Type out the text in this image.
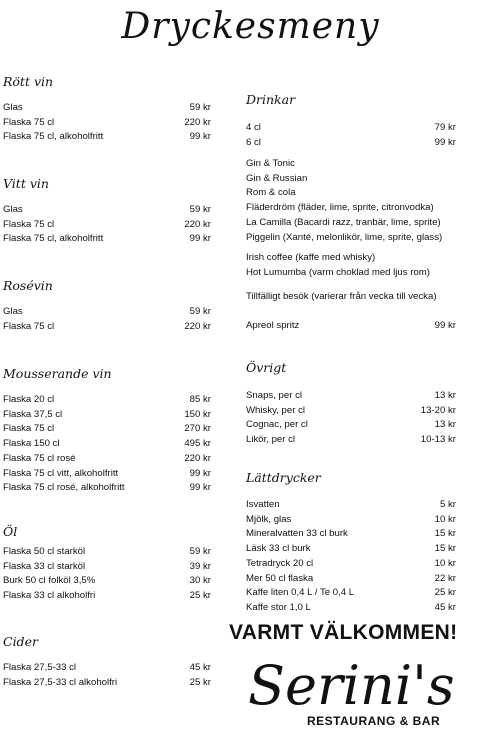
Dryckesmeny
Rött vin
Glas	59 kr
Flaska 75 cl	220 kr
Flaska 75 cl, alkoholfritt	99 kr
Vitt vin
Glas	59 kr
Flaska 75 cl	220 kr
Flaska 75 cl, alkoholfritt	99 kr
Rosévin
Glas	59 kr
Flaska 75 cl	220 kr
Mousserande vin
Flaska 20 cl	85 kr
Flaska 37,5 cl	150 kr
Flaska 75 cl	270 kr
Flaska 150 cl	495 kr
Flaska 75 cl rosé	220 kr
Flaska 75 cl vitt, alkoholfritt	99 kr
Flaska 75 cl rosé, alkoholfritt	99 kr
Öl
Flaska 50 cl starköl	59 kr
Flaska 33 cl starköl	39 kr
Burk 50 cl folköl 3,5%	30 kr
Flaska 33 cl alkoholfri	25 kr
Cider
Flaska 27,5-33 cl	45 kr
Flaska 27,5-33 cl alkoholfri	25 kr
Drinkar
4 cl	79 kr
6 cl	99 kr
Gin & Tonic
Gin & Russian
Rom & cola
Fläderdröm (fläder, lime, sprite, citronvodka)
La Camilla (Bacardi razz, tranbär, lime, sprite)
Piggelin (Xanté, melonlikör, lime, sprite, glass)
Irish coffee (kaffe med whisky)
Hot Lumumba (varm choklad med ljus rom)
Tillfälligt besök (varierar från vecka till vecka)
Apreol spritz	99 kr
Övrigt
Snaps, per cl	13 kr
Whisky, per cl	13-20 kr
Cognac, per cl	13 kr
Likör, per cl	10-13 kr
Lättdrycker
Isvatten	5 kr
Mjölk, glas	10 kr
Mineralvatten 33 cl burk	15 kr
Läsk 33 cl burk	15 kr
Tetradryck 20 cl	10 kr
Mer 50 cl flaska	22 kr
Kaffe liten 0,4 L / Te 0,4 L	25 kr
Kaffe stor 1,0 L	45 kr
VARMT VÄLKOMMEN!
Serini's
RESTAURANG & BAR
